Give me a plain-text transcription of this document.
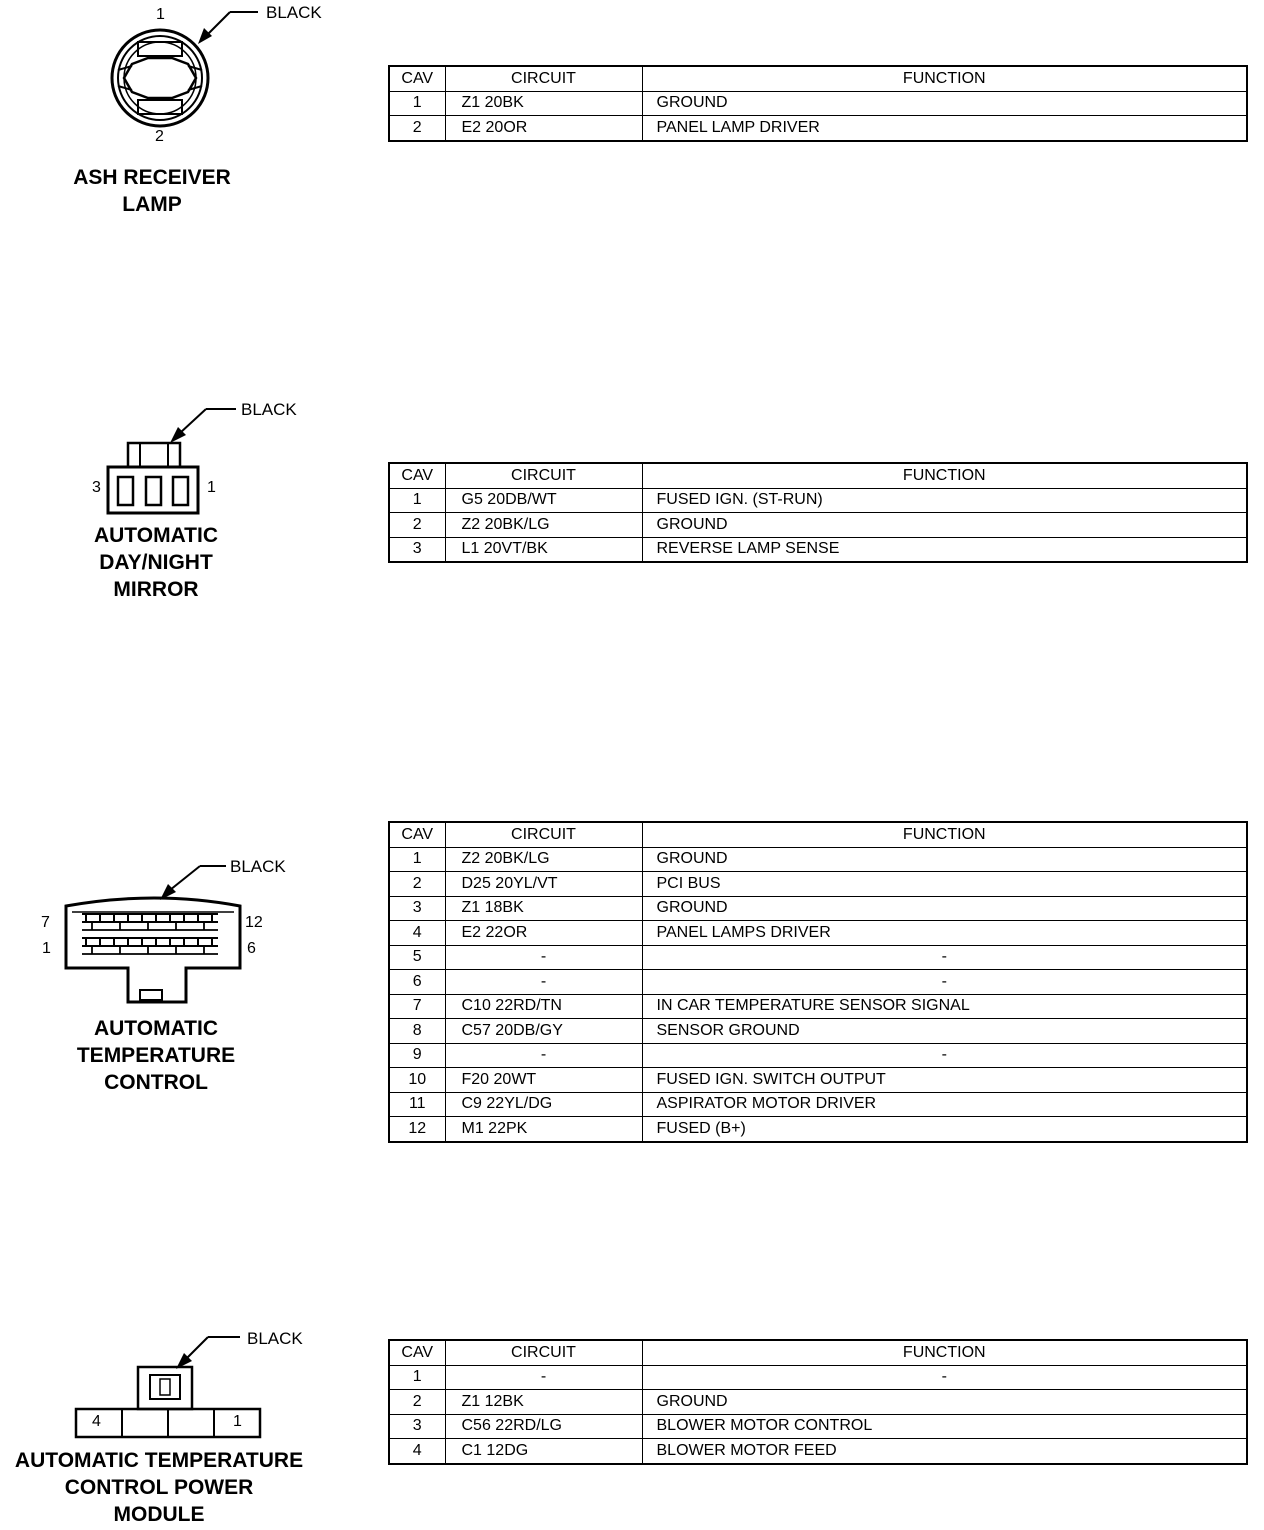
BLACK
1
2
ASH RECEIVER
LAMP
CAV	CIRCUIT	FUNCTION
1	Z1 20BK	GROUND
2	E2 20OR	PANEL LAMP DRIVER
BLACK
3	1
AUTOMATIC
DAY/NIGHT
MIRROR
CAV	CIRCUIT	FUNCTION
1	G5 20DB/WT	FUSED IGN. (ST-RUN)
2	Z2 20BK/LG	GROUND
3	L1 20VT/BK	REVERSE LAMP SENSE
BLACK
7
1
12
6
AUTOMATIC
TEMPERATURE
CONTROL
CAV	CIRCUIT	FUNCTION
1	Z2 20BK/LG	GROUND
2	D25 20YL/VT	PCI BUS
3	Z1 18BK	GROUND
4	E2 22OR	PANEL LAMPS DRIVER
5	-	-
6	-	-
7	C10 22RD/TN	IN CAR TEMPERATURE SENSOR SIGNAL
8	C57 20DB/GY	SENSOR GROUND
9	-	-
10	F20 20WT	FUSED IGN. SWITCH OUTPUT
11	C9 22YL/DG	ASPIRATOR MOTOR DRIVER
12	M1 22PK	FUSED (B+)
BLACK
4	1
AUTOMATIC TEMPERATURE
CONTROL POWER
MODULE
CAV	CIRCUIT	FUNCTION
1	-	-
2	Z1 12BK	GROUND
3	C56 22RD/LG	BLOWER MOTOR CONTROL
4	C1 12DG	BLOWER MOTOR FEED
